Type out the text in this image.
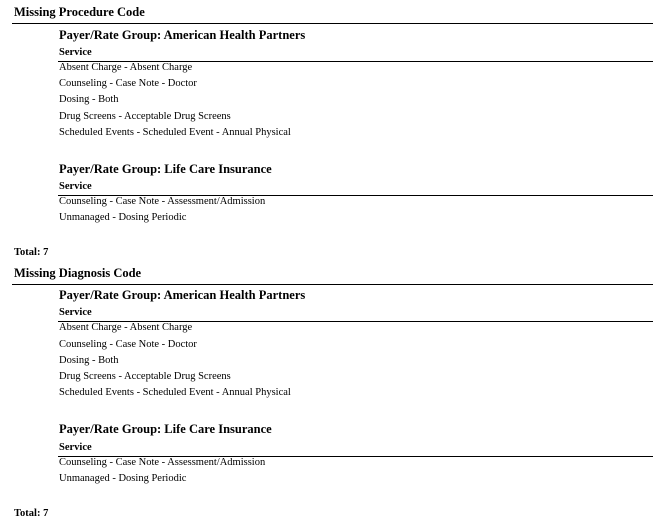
Missing Procedure Code
Payer/Rate Group: American Health Partners
Service
Absent Charge - Absent Charge
Counseling - Case Note - Doctor
Dosing - Both
Drug Screens - Acceptable Drug Screens
Scheduled Events - Scheduled Event - Annual Physical
Payer/Rate Group: Life Care Insurance
Service
Counseling - Case Note - Assessment/Admission
Unmanaged - Dosing Periodic
Total: 7
Missing Diagnosis Code
Payer/Rate Group: American Health Partners
Service
Absent Charge - Absent Charge
Counseling - Case Note - Doctor
Dosing - Both
Drug Screens - Acceptable Drug Screens
Scheduled Events - Scheduled Event - Annual Physical
Payer/Rate Group: Life Care Insurance
Service
Counseling - Case Note - Assessment/Admission
Unmanaged - Dosing Periodic
Total: 7
